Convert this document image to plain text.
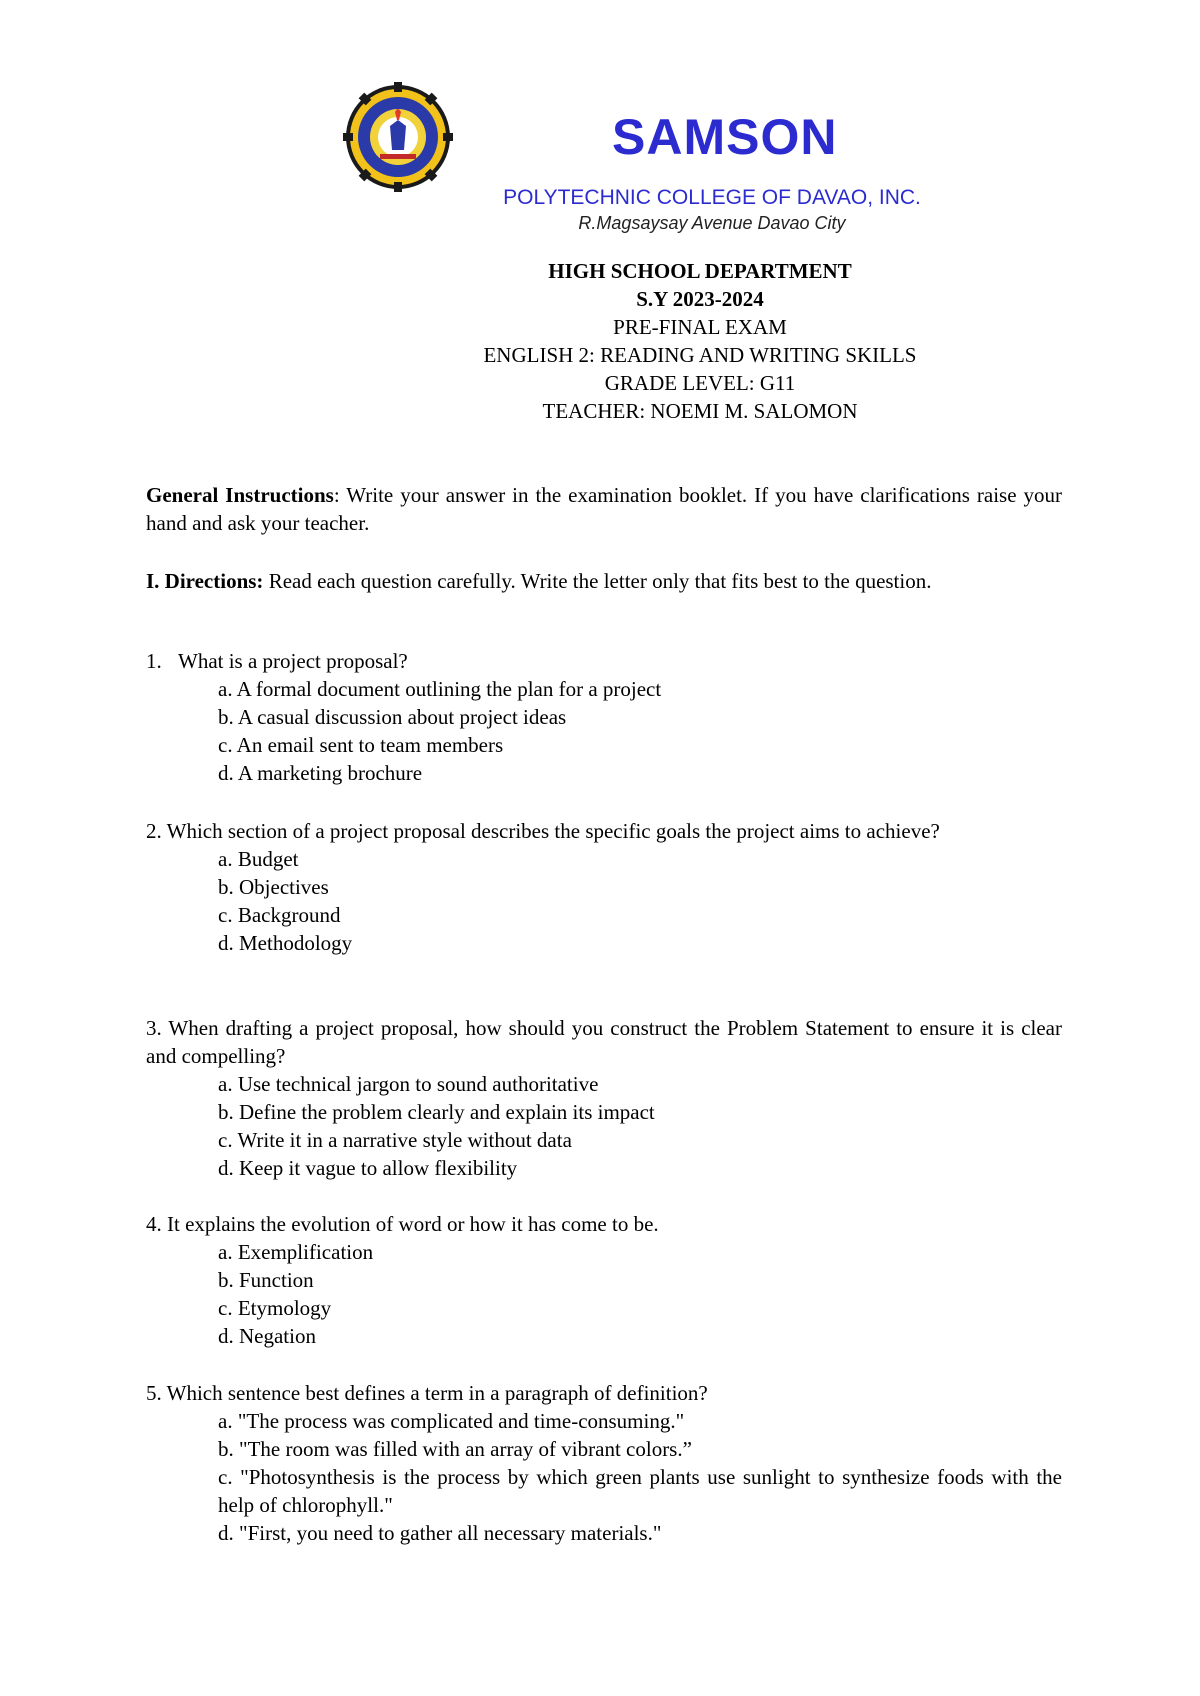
SAMSON
POLYTECHNIC COLLEGE OF DAVAO, INC.
R.Magsaysay Avenue Davao City
HIGH SCHOOL DEPARTMENT
S.Y 2023-2024
PRE-FINAL EXAM
ENGLISH 2: READING AND WRITING SKILLS
GRADE LEVEL: G11
TEACHER: NOEMI M. SALOMON
General Instructions: Write your answer in the examination booklet. If you have clarifications raise your hand and ask your teacher.
I. Directions: Read each question carefully. Write the letter only that fits best to the question.
1. What is a project proposal?
a. A formal document outlining the plan for a project
b. A casual discussion about project ideas
c. An email sent to team members
d. A marketing brochure
2. Which section of a project proposal describes the specific goals the project aims to achieve?
a. Budget
b. Objectives
c. Background
d. Methodology
3. When drafting a project proposal, how should you construct the Problem Statement to ensure it is clear and compelling?
a. Use technical jargon to sound authoritative
b. Define the problem clearly and explain its impact
c. Write it in a narrative style without data
d. Keep it vague to allow flexibility
4. It explains the evolution of word or how it has come to be.
a. Exemplification
b. Function
c. Etymology
d. Negation
5. Which sentence best defines a term in a paragraph of definition?
a. "The process was complicated and time-consuming."
b. "The room was filled with an array of vibrant colors.”
c. "Photosynthesis is the process by which green plants use sunlight to synthesize foods with the help of chlorophyll."
d. "First, you need to gather all necessary materials."
